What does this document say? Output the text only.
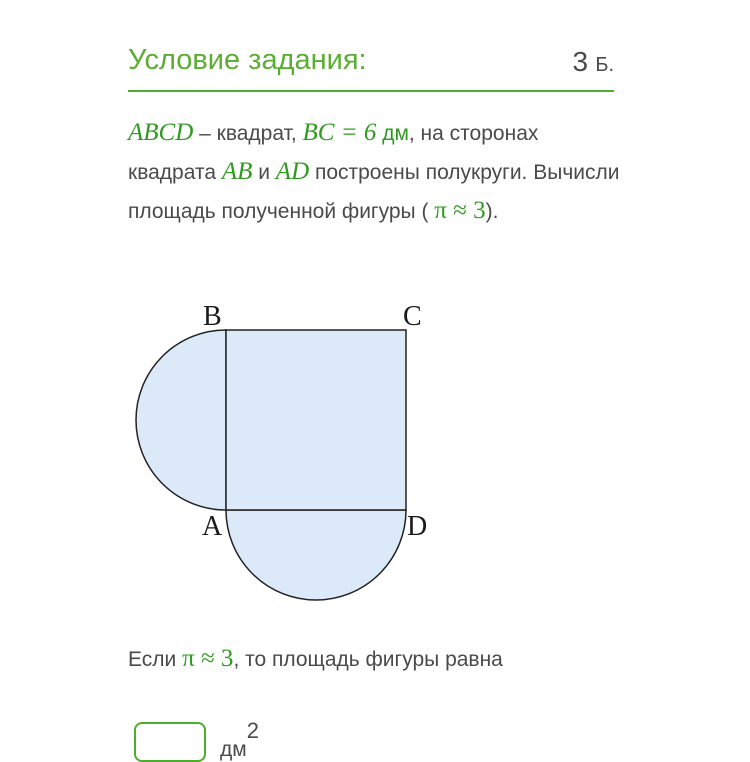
Условие задания:	3 Б.
ABCD – квадрат, BC = 6 дм, на сторонах квадрата AB и AD построены полукруги. Вычисли площадь полученной фигуры ( π ≈ 3).
B	C
A	D
Если π ≈ 3, то площадь фигуры равна
$дм^2$
